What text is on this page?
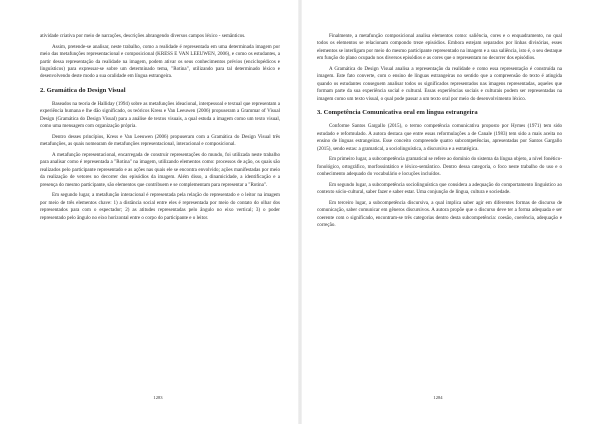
atividade criativa por meio de narrações, descrições abrangendo diversos campos léxico - semânticos.

Assim, pretende-se analisar, neste trabalho, como a realidade é representada em uma determinada imagem por meio das metafunções representacional e composicional (KRESS E VAN LEEUWEN, 2006), e como os estudantes, a partir dessa representação da realidade na imagem, podem ativar os seus conhecimentos prévios (enciclopédicos e linguísticos) para expressar-se sobre um determinado tema, "Rotina", utilizando para tal determinado léxico e desenvolvendo deste modo a sua oralidade em língua estrangeira.

2. Gramática do Design Visual

Baseados na teoria de Halliday (1994) sobre as metafunções ideacional, interpessoal e textual que representam a experiência humana e lhe dão significado, os teóricos Kress e Van Leeuwen (2006) propuseram a Grammar of Visual Design (Gramática do Design Visual) para a análise de textos visuais, a qual estuda a imagem como um texto visual, como uma mensagem com organização própria.

Dentro desses princípios, Kress e Van Leeuwen (2006) propuseram com a Gramática do Design Visual três metafunções, as quais nomearam de metafunções representacional, interacional e composicional.

A metafunção representacional, encarregada de construir representações do mundo, foi utilizada neste trabalho para analisar como é representada a "Rotina" na imagem, utilizando elementos como: processos de ação, os quais são realizados pelo participante representado e as ações nas quais ele se encontra envolvido; ações manifestadas por meio da realização de vetores no decorrer dos episódios da imagem. Além disso, a dinamicidade, a identificação e a presença do mesmo participante, são elementos que contribuem e se complementam para representar a "Rotina".

Em segundo lugar, a metafunção interacional é representada pela relação do representado e o leitor na imagem por meio de três elementos chave: 1) a distância social entre eles é representada por meio do contato do olhar dos representados para com o espectador; 2) as atitudes representadas pelo ângulo no eixo vertical; 3) o poder representado pelo ângulo no eixo horizontal entre o corpo do participante e o leitor.

1283

Finalmente, a metafunção composicional analisa elementos como: saliência, cores e o enquadramento, no qual todos os elementos se relacionam compondo treze episódios. Embora estejam separados por linhas divisórias, esses elementos se interligam por meio do mesmo participante representado na imagem e a sua saliência, isto é, o seu destaque em função do plano ocupado nos diversos episódios e as cores que o representam no decorrer dos episódios.

A Gramática do Design Visual analisa a representação da realidade e como essa representação é construída na imagem. Este fato converte, com o ensino de línguas estrangeiras no sentido que a compreensão do texto é atingida quando os estudantes conseguem analisar todos os significados representados nas imagens representadas, aqueles que formam parte da sua experiência social e cultural. Essas experiências sociais e culturais podem ser representadas na imagem como um texto visual, o qual pode passar a um texto oral por meio do desenvolvimento léxico.

3. Competência Comunicativa oral em língua estrangeira

Conforme Santos Gargallo (2015), o termo competência comunicativa proposto por Hymes (1971) tem sido estudado e reformulado. A autora destaca que entre essas reformulações a de Canale (1983) tem sido a mais aceita no ensino de línguas estrangeiras. Esse conceito compreende quatro subcompetências, apresentadas por Santos Gargallo (2015), sendo estas: a gramatical, a sociolinguística, a discursiva e a estratégica.

Em primeiro lugar, a subcompetência gramatical se refere ao domínio do sistema da língua objeto, a nível fonético-fonológico, ortográfico, morfossintático e léxico-semântico. Dentro dessa categoria, o foco neste trabalho do uso e o conhecimento adequado do vocabulário e locuções incluídos.

Em segundo lugar, a subcompetência sociolinguística que considera a adequação do comportamento linguístico ao contexto sócio-cultural, saber fazer e saber estar. Uma conjunção de língua, cultura e sociedade.

Em terceiro lugar, a subcompetência discursiva, a qual implica saber agir em diferentes formas de discurso de comunicação, saber comunicar em gêneros discursivos. A autora propõe que o discurso deve ter a forma adequada e ser coerente com o significado, encontram-se três categorias dentro desta subcompetência: coesão, coerência, adequação e correção.

1284
